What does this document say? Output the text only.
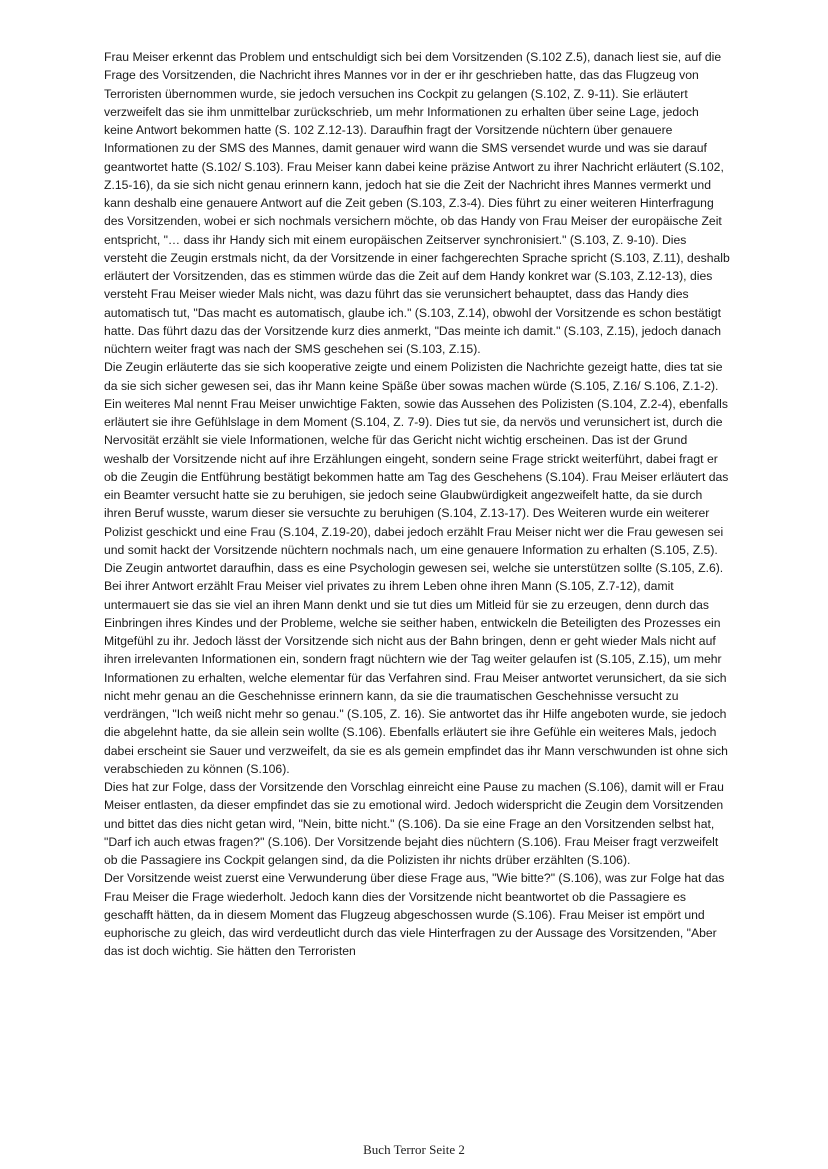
Frau Meiser erkennt das Problem und entschuldigt sich bei dem Vorsitzenden (S.102 Z.5), danach liest sie, auf die Frage des Vorsitzenden, die Nachricht ihres Mannes vor in der er ihr geschrieben hatte, das das Flugzeug von Terroristen übernommen wurde, sie jedoch versuchen ins Cockpit zu gelangen (S.102, Z. 9-11). Sie erläutert verzweifelt das sie ihm unmittelbar zurückschrieb, um mehr Informationen zu erhalten über seine Lage, jedoch keine Antwort bekommen hatte (S. 102 Z.12-13). Daraufhin fragt der Vorsitzende nüchtern über genauere Informationen zu der SMS des Mannes, damit genauer wird wann die SMS versendet wurde und was sie darauf geantwortet hatte (S.102/ S.103). Frau Meiser kann dabei keine präzise Antwort zu ihrer Nachricht erläutert (S.102, Z.15-16), da sie sich nicht genau erinnern kann, jedoch hat sie die Zeit der Nachricht ihres Mannes vermerkt und kann deshalb eine genauere Antwort auf die Zeit geben (S.103, Z.3-4). Dies führt zu einer weiteren Hinterfragung des Vorsitzenden, wobei er sich nochmals versichern möchte, ob das Handy von Frau Meiser der europäische Zeit entspricht, "… dass ihr Handy sich mit einem europäischen Zeitserver synchronisiert." (S.103, Z. 9-10). Dies versteht die Zeugin erstmals nicht, da der Vorsitzende in einer fachgerechten Sprache spricht (S.103, Z.11), deshalb erläutert der Vorsitzenden, das es stimmen würde das die Zeit auf dem Handy konkret war (S.103, Z.12-13), dies versteht Frau Meiser wieder Mals nicht, was dazu führt das sie verunsichert behauptet, dass das Handy dies automatisch tut, "Das macht es automatisch, glaube ich." (S.103, Z.14), obwohl der Vorsitzende es schon bestätigt hatte. Das führt dazu das der Vorsitzende kurz dies anmerkt, "Das meinte ich damit." (S.103, Z.15), jedoch danach nüchtern weiter fragt was nach der SMS geschehen sei (S.103, Z.15).

Die Zeugin erläuterte das sie sich kooperative zeigte und einem Polizisten die Nachrichte gezeigt hatte, dies tat sie da sie sich sicher gewesen sei, das ihr Mann keine Späße über sowas machen würde (S.105, Z.16/ S.106, Z.1-2). Ein weiteres Mal nennt Frau Meiser unwichtige Fakten, sowie das Aussehen des Polizisten (S.104, Z.2-4), ebenfalls erläutert sie ihre Gefühlslage in dem Moment (S.104, Z. 7-9). Dies tut sie, da nervös und verunsichert ist, durch die Nervosität erzählt sie viele Informationen, welche für das Gericht nicht wichtig erscheinen. Das ist der Grund weshalb der Vorsitzende nicht auf ihre Erzählungen eingeht, sondern seine Frage strickt weiterführt, dabei fragt er ob die Zeugin die Entführung bestätigt bekommen hatte am Tag des Geschehens (S.104). Frau Meiser erläutert das ein Beamter versucht hatte sie zu beruhigen, sie jedoch seine Glaubwürdigkeit angezweifelt hatte, da sie durch ihren Beruf wusste, warum dieser sie versuchte zu beruhigen (S.104, Z.13-17). Des Weiteren wurde ein weiterer Polizist geschickt und eine Frau (S.104, Z.19-20), dabei jedoch erzählt Frau Meiser nicht wer die Frau gewesen sei und somit hackt der Vorsitzende nüchtern nochmals nach, um eine genauere Information zu erhalten (S.105, Z.5).

Die Zeugin antwortet daraufhin, dass es eine Psychologin gewesen sei, welche sie unterstützen sollte (S.105, Z.6). Bei ihrer Antwort erzählt Frau Meiser viel privates zu ihrem Leben ohne ihren Mann (S.105, Z.7-12), damit untermauert sie das sie viel an ihren Mann denkt und sie tut dies um Mitleid für sie zu erzeugen, denn durch das Einbringen ihres Kindes und der Probleme, welche sie seither haben, entwickeln die Beteiligten des Prozesses ein Mitgefühl zu ihr. Jedoch lässt der Vorsitzende sich nicht aus der Bahn bringen, denn er geht wieder Mals nicht auf ihren irrelevanten Informationen ein, sondern fragt nüchtern wie der Tag weiter gelaufen ist (S.105, Z.15), um mehr Informationen zu erhalten, welche elementar für das Verfahren sind. Frau Meiser antwortet verunsichert, da sie sich nicht mehr genau an die Geschehnisse erinnern kann, da sie die traumatischen Geschehnisse versucht zu verdrängen, "Ich weiß nicht mehr so genau." (S.105, Z. 16). Sie antwortet das ihr Hilfe angeboten wurde, sie jedoch die abgelehnt hatte, da sie allein sein wollte (S.106). Ebenfalls erläutert sie ihre Gefühle ein weiteres Mals, jedoch dabei erscheint sie Sauer und verzweifelt, da sie es als gemein empfindet das ihr Mann verschwunden ist ohne sich verabschieden zu können (S.106).

Dies hat zur Folge, dass der Vorsitzende den Vorschlag einreicht eine Pause zu machen (S.106), damit will er Frau Meiser entlasten, da dieser empfindet das sie zu emotional wird. Jedoch widerspricht die Zeugin dem Vorsitzenden und bittet das dies nicht getan wird, "Nein, bitte nicht." (S.106). Da sie eine Frage an den Vorsitzenden selbst hat, "Darf ich auch etwas fragen?" (S.106). Der Vorsitzende bejaht dies nüchtern (S.106). Frau Meiser fragt verzweifelt ob die Passagiere ins Cockpit gelangen sind, da die Polizisten ihr nichts drüber erzählten (S.106).

Der Vorsitzende weist zuerst eine Verwunderung über diese Frage aus, "Wie bitte?" (S.106), was zur Folge hat das Frau Meiser die Frage wiederholt. Jedoch kann dies der Vorsitzende nicht beantwortet ob die Passagiere es geschafft hätten, da in diesem Moment das Flugzeug abgeschossen wurde (S.106). Frau Meiser ist empört und euphorische zu gleich, das wird verdeutlicht durch das viele Hinterfragen zu der Aussage des Vorsitzenden, "Aber das ist doch wichtig. Sie hätten den Terroristen

Buch Terror Seite 2
